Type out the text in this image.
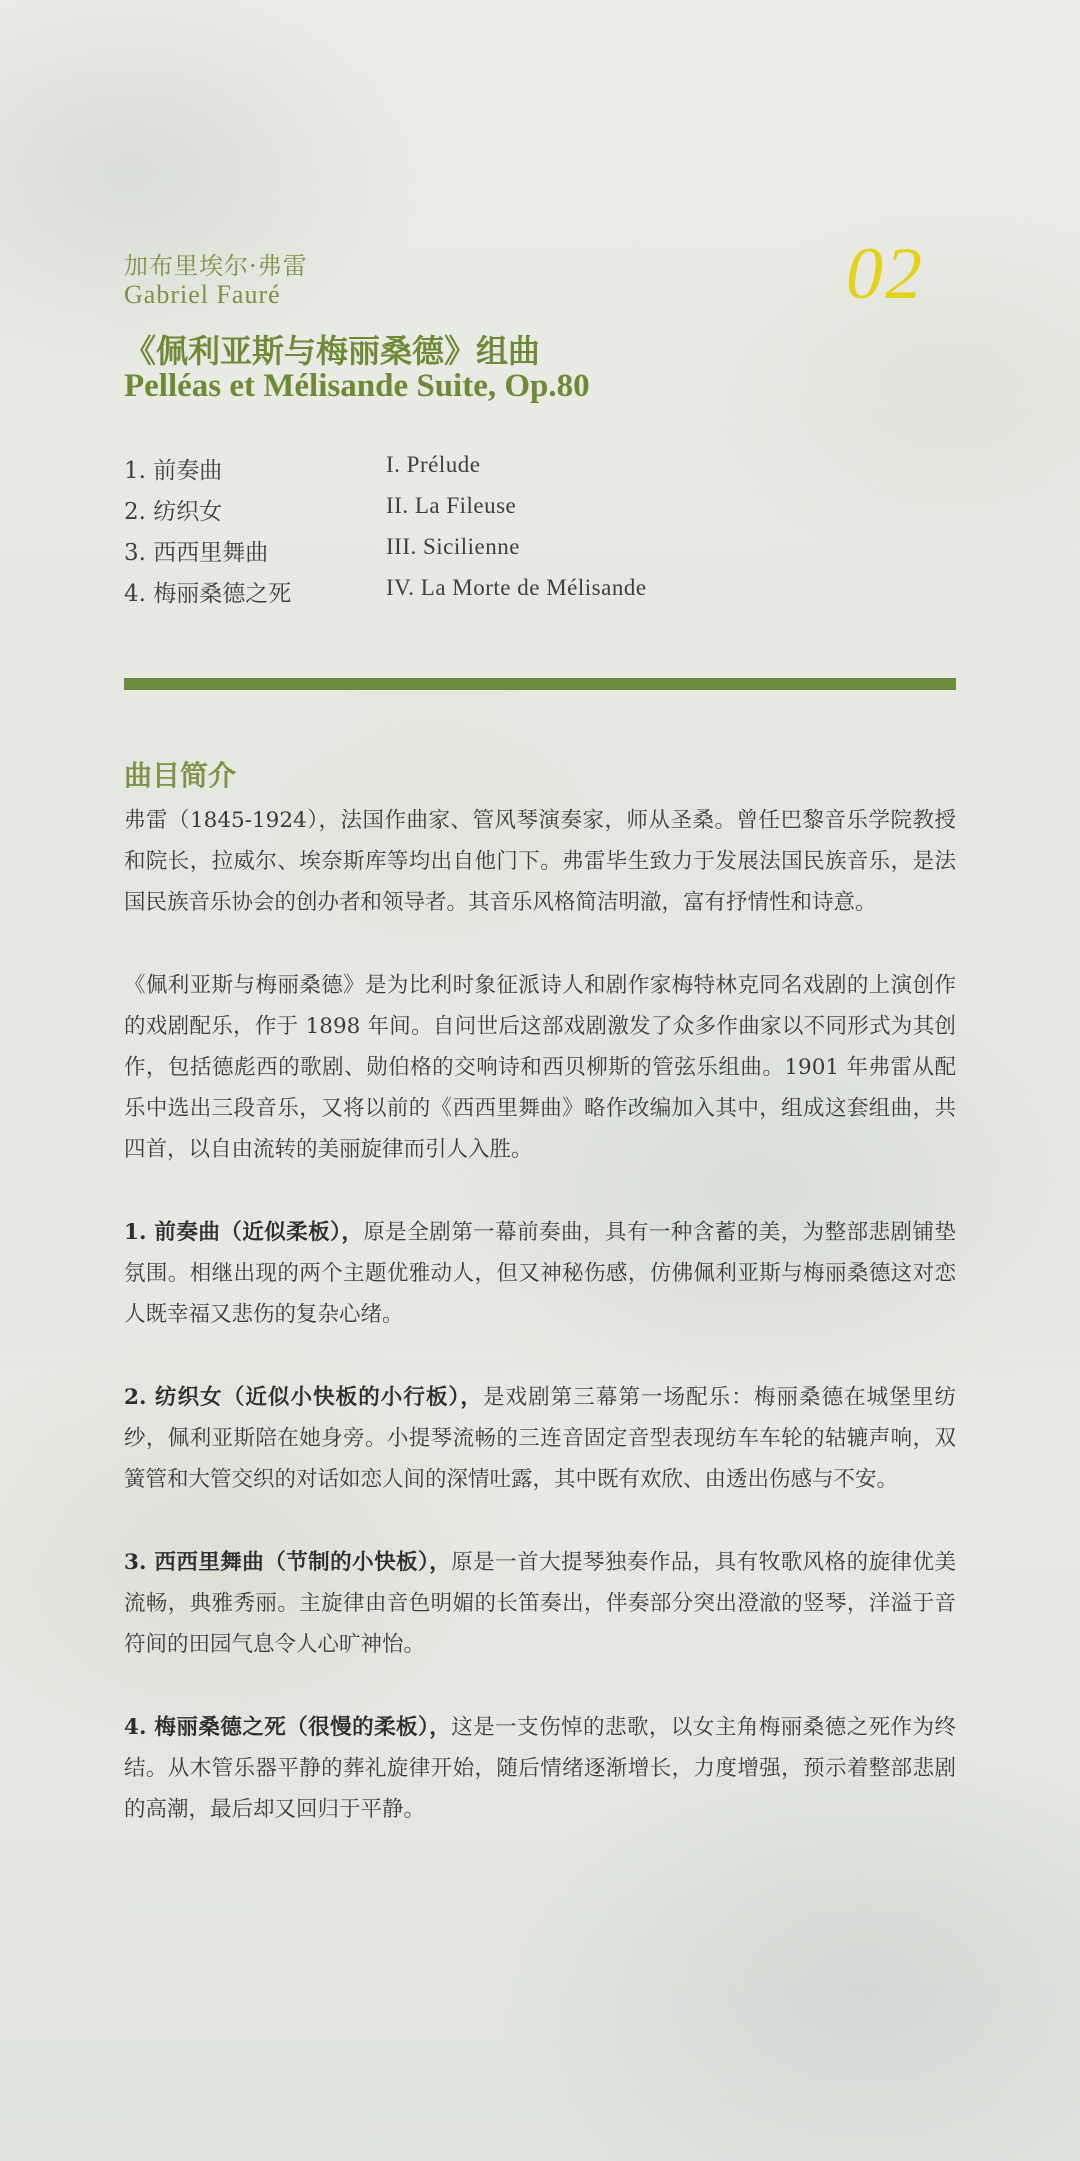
加布里埃尔·弗雷
Gabriel Fauré	02
《佩利亚斯与梅丽桑德》组曲
Pelléas et Mélisande Suite, Op.80
1. 前奏曲	I. Prélude
2. 纺织女	II. La Fileuse
3. 西西里舞曲	III. Sicilienne
4. 梅丽桑德之死	IV. La Morte de Mélisande
曲目简介

弗雷（1845-1924），法国作曲家、管风琴演奏家，师从圣桑。曾任巴黎音乐学院教授和院长，拉威尔、埃奈斯库等均出自他门下。弗雷毕生致力于发展法国民族音乐，是法国民族音乐协会的创办者和领导者。其音乐风格简洁明澈，富有抒情性和诗意。

《佩利亚斯与梅丽桑德》是为比利时象征派诗人和剧作家梅特林克同名戏剧的上演创作的戏剧配乐，作于 1898 年间。自问世后这部戏剧激发了众多作曲家以不同形式为其创作，包括德彪西的歌剧、勋伯格的交响诗和西贝柳斯的管弦乐组曲。1901 年弗雷从配乐中选出三段音乐，又将以前的《西西里舞曲》略作改编加入其中，组成这套组曲，共四首，以自由流转的美丽旋律而引人入胜。

1. 前奏曲（近似柔板），原是全剧第一幕前奏曲，具有一种含蓄的美，为整部悲剧铺垫氛围。相继出现的两个主题优雅动人，但又神秘伤感，仿佛佩利亚斯与梅丽桑德这对恋人既幸福又悲伤的复杂心绪。

2. 纺织女（近似小快板的小行板），是戏剧第三幕第一场配乐：梅丽桑德在城堡里纺纱，佩利亚斯陪在她身旁。小提琴流畅的三连音固定音型表现纺车车轮的轱辘声响，双簧管和大管交织的对话如恋人间的深情吐露，其中既有欢欣、由透出伤感与不安。

3. 西西里舞曲（节制的小快板），原是一首大提琴独奏作品，具有牧歌风格的旋律优美流畅，典雅秀丽。主旋律由音色明媚的长笛奏出，伴奏部分突出澄澈的竖琴，洋溢于音符间的田园气息令人心旷神怡。

4. 梅丽桑德之死（很慢的柔板），这是一支伤悼的悲歌，以女主角梅丽桑德之死作为终结。从木管乐器平静的葬礼旋律开始，随后情绪逐渐增长，力度增强，预示着整部悲剧的高潮，最后却又回归于平静。
